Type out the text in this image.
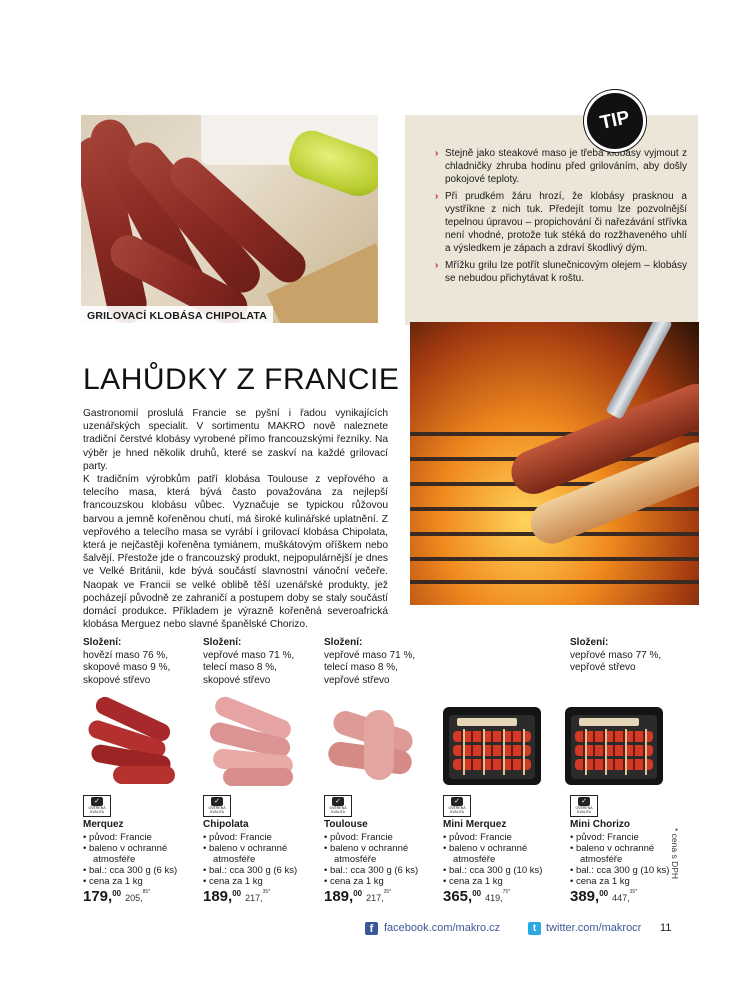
GRILOVACÍ KLOBÁSA CHIPOLATA
› Stejně jako steakové maso je třeba klobásy vyjmout z chladničky zhruba hodinu před grilováním, aby došly pokojové teploty.
› Při prudkém žáru hrozí, že klobásy prasknou a vystříknе z nich tuk. Předejít tomu lze pozvolnější tepelnou úpravou – propichování či nařezávání střívka není vhodné, protože tuk stéká do rozžhaveného uhlí a výsledkem je zápach a zdraví škodlivý dým.
› Mřížku grilu lze potřít slunečnicovým olejem – klobásy se nebudou přichytávat k roštu.
TIP
LAHŮDKY Z FRANCIE

Gastronomií proslulá Francie se pyšní i řadou vynikajících uzenářských specialit. V sortimentu MAKRO nově naleznete tradiční čerstvé klobásy vyrobené přímo francouzskými řezníky. Na výběr je hned několik druhů, které se zaskví na každé grilovací party.

K tradičním výrobkům patří klobása Toulouse z vepřového a telecího masa, která bývá často považována za nejlepší francouzskou klobásu vůbec. Vyznačuje se typickou růžovou barvou a jemně kořeněnou chutí, má široké kulinářské uplatnění. Z vepřového a telecího masa se vyrábí i grilovací klobása Chipolata, která je nejčastěji kořeněna tymiánem, muškátovým oříškem nebo šalvějí. Přestože jde o francouzský produkt, nejpopulárnější je dnes ve Velké Británii, kde bývá součástí slavnostní vánoční večeře. Naopak ve Francii se velké oblibě těší uzenářské produkty, jež pocházejí původně ze zahraničí a postupem doby se staly součástí domácí produkce. Příkladem je výrazně kořeněná severoafrická klobása Merguez nebo slavné španělské Chorizo.

Složení:
hovězí maso 76 %,
skopové maso 9 %,
skopové střevo
✓
OVĚŘENÁ KVALITA
Merquez
• původ: Francie
• baleno v ochranné
atmosféře
• bal.: cca 300 g (6 ks)
• cena za 1 kg
179,00 205,$^{85*}$
Složení:
vepřové maso 71 %,
telecí maso 8 %,
skopové střevo
✓
OVĚŘENÁ KVALITA
Chipolata
• původ: Francie
• baleno v ochranné
atmosféře
• bal.: cca 300 g (6 ks)
• cena za 1 kg
189,00 217,$^{35*}$
Složení:
vepřové maso 71 %,
telecí maso 8 %,
vepřové střevo
✓
OVĚŘENÁ KVALITA
Toulouse
• původ: Francie
• baleno v ochranné
atmosféře
• bal.: cca 300 g (6 ks)
• cena za 1 kg
189,00 217,$^{35*}$
✓
OVĚŘENÁ KVALITA
Mini Merquez
• původ: Francie
• baleno v ochranné
atmosféře
• bal.: cca 300 g (10 ks)
• cena za 1 kg
365,00 419,$^{75*}$
Složení:
vepřové maso 77 %,
vepřové střevo
✓
OVĚŘENÁ KVALITA
Mini Chorizo
• původ: Francie
• baleno v ochranné
atmosféře
• bal.: cca 300 g (10 ks)
• cena za 1 kg
389,00 447,$^{35*}$
* cena s DPH
f facebook.com/makro.cz	t twitter.com/makrocr 11
